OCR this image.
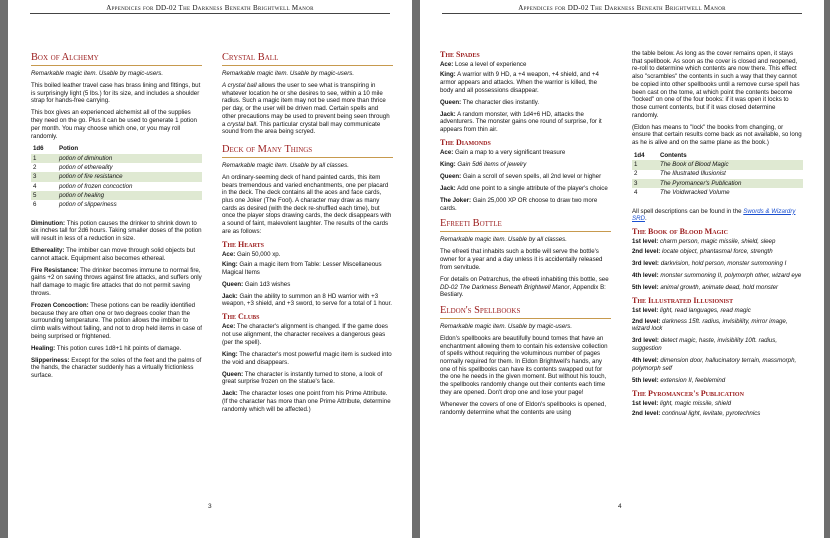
Appendices for DD-02 The Darkness Beneath Brightwell Manor
Box of Alchemy

Remarkable magic item. Usable by magic-users.

This boiled leather travel case has brass lining and fittings, but is surprisingly light (5 lbs.) for its size, and includes a shoulder strap for hands-free carrying.

This box gives an experienced alchemist all of the supplies they need on the go. Plus it can be used to generate 1 potion per month. You may choose which one, or you may roll randomly.

1d6	Potion
1	potion of diminution
2	potion of ethereality
3	potion of fire resistance
4	potion of frozen concoction
5	potion of healing
6	potion of slipperiness

Diminution: This potion causes the drinker to shrink down to six inches tall for 2d6 hours. Taking smaller doses of the potion will result in less of a reduction in size.

Ethereality: The imbiber can move through solid objects but cannot attack. Equipment also becomes ethereal.

Fire Resistance: The drinker becomes immune to normal fire, gains +2 on saving throws against fire attacks, and suffers only half damage to magic fire attacks that do not permit saving throws.

Frozen Concoction: These potions can be readily identified because they are often one or two degrees cooler than the surrounding temperature. The potion allows the imbiber to climb walls without falling, and not to drop held items in case of being surprised or frightened.

Healing: This potion cures 1d8+1 hit points of damage.

Slipperiness: Except for the soles of the feet and the palms of the hands, the character suddenly has a virtually frictionless surface.

Crystal Ball

Remarkable magic item. Usable by magic-users.

A crystal ball allows the user to see what is transpiring in whatever location he or she desires to see, within a 10 mile radius. Such a magic item may not be used more than thrice per day, or the user will be driven mad. Certain spells and other precautions may be used to prevent being seen through a crystal ball. This particular crystal ball may communicate sound from the area being scryed.

Deck of Many Things

Remarkable magic item. Usable by all classes.

An ordinary-seeming deck of hand painted cards, this item bears tremendous and varied enchantments, one per placard in the deck. The deck contains all the aces and face cards, plus one Joker (The Fool). A character may draw as many cards as desired (with the deck re-shuffled each time), but once the player stops drawing cards, the deck disappears with a sound of faint, malevolent laughter. The results of the cards are as follows:

The Hearts

Ace: Gain 50,000 xp.

King: Gain a magic item from Table: Lesser Miscellaneous Magical Items

Queen: Gain 1d3 wishes

Jack: Gain the ability to summon an 8 HD warrior with +3 weapon, +3 shield, and +3 sword, to serve for a total of 1 hour.

The Clubs

Ace: The character's alignment is changed. If the game does not use alignment, the character receives a dangerous geas (per the spell).

King: The character's most powerful magic item is sucked into the void and disappears.

Queen: The character is instantly turned to stone, a look of great surprise frozen on the statue's face.

Jack: The character loses one point from his Prime Attribute. (If the character has more than one Prime Attribute, determine randomly which will be affected.)

3
Appendices for DD-02 The Darkness Beneath Brightwell Manor
The Spades

Ace: Lose a level of experience

King: A warrior with 9 HD, a +4 weapon, +4 shield, and +4 armor appears and attacks. When the warrior is killed, the body and all possessions disappear.

Queen: The character dies instantly.

Jack: A random monster, with 1d4+6 HD, attacks the adventurers. The monster gains one round of surprise, for it appears from thin air.

The Diamonds

Ace: Gain a map to a very significant treasure

King: Gain 5d6 items of jewelry

Queen: Gain a scroll of seven spells, all 2nd level or higher

Jack: Add one point to a single attribute of the player's choice

The Joker: Gain 25,000 XP OR choose to draw two more cards.

Efreeti Bottle

Remarkable magic item. Usable by all classes.

The efreeti that inhabits such a bottle will serve the bottle's owner for a year and a day unless it is accidentally released from servitude.

For details on Petrarchus, the efreeti inhabiting this bottle, see DD-02 The Darkness Beneath Brightwell Manor, Appendix B: Bestiary.

Eldon's Spellbooks

Remarkable magic item. Usable by magic-users.

Eldon's spellbooks are beautifully bound tomes that have an enchantment allowing them to contain his extensive collection of spells without requiring the voluminous number of pages normally required for them. In Eldon Brightwell's hands, any one of his spellbooks can have its contents swapped out for the one he needs in the given moment. But without his touch, the spellbooks randomly change out their contents each time they are opened. Don't drop one and lose your page!

Whenever the covers of one of Eldon's spellbooks is opened, randomly determine what the contents are using

the table below. As long as the cover remains open, it stays that spellbook. As soon as the cover is closed and reopened, re-roll to determine which contents are now there. This effect also "scrambles" the contents in such a way that they cannot be copied into other spellbooks until a remove curse spell has been cast on the tome, at which point the contents become "locked" on one of the four books: if it was open it locks to those current contents, but if it was closed determine randomly.

(Eldon has means to "lock" the books from changing, or ensure that certain results come back as not available, so long as he is alive and on the same plane as the book.)

1d4	Contents
1	The Book of Blood Magic
2	The Illustrated Illusionist
3	The Pyromancer's Publication
4	The Voidwracked Volume

All spell descriptions can be found in the Swords & Wizardry SRD.

The Book of Blood Magic

1st level: charm person, magic missile, shield, sleep

2nd level: locate object, phantasmal force, strength

3rd level: darkvision, hold person, monster summoning I

4th level: monster summoning II, polymorph other, wizard eye

5th level: animal growth, animate dead, hold monster

The Illustrated Illusionist

1st level: light, read languages, read magic

2nd level: darkness 15ft. radius, invisibility, mirror image, wizard lock

3rd level: detect magic, haste, invisibility 10ft. radius, suggestion

4th level: dimension door, hallucinatory terrain, massmorph, polymorph self

5th level: extension II, feeblemind

The Pyromancer's Publication

1st level: light, magic missile, shield

2nd level: continual light, levitate, pyrotechnics

4
